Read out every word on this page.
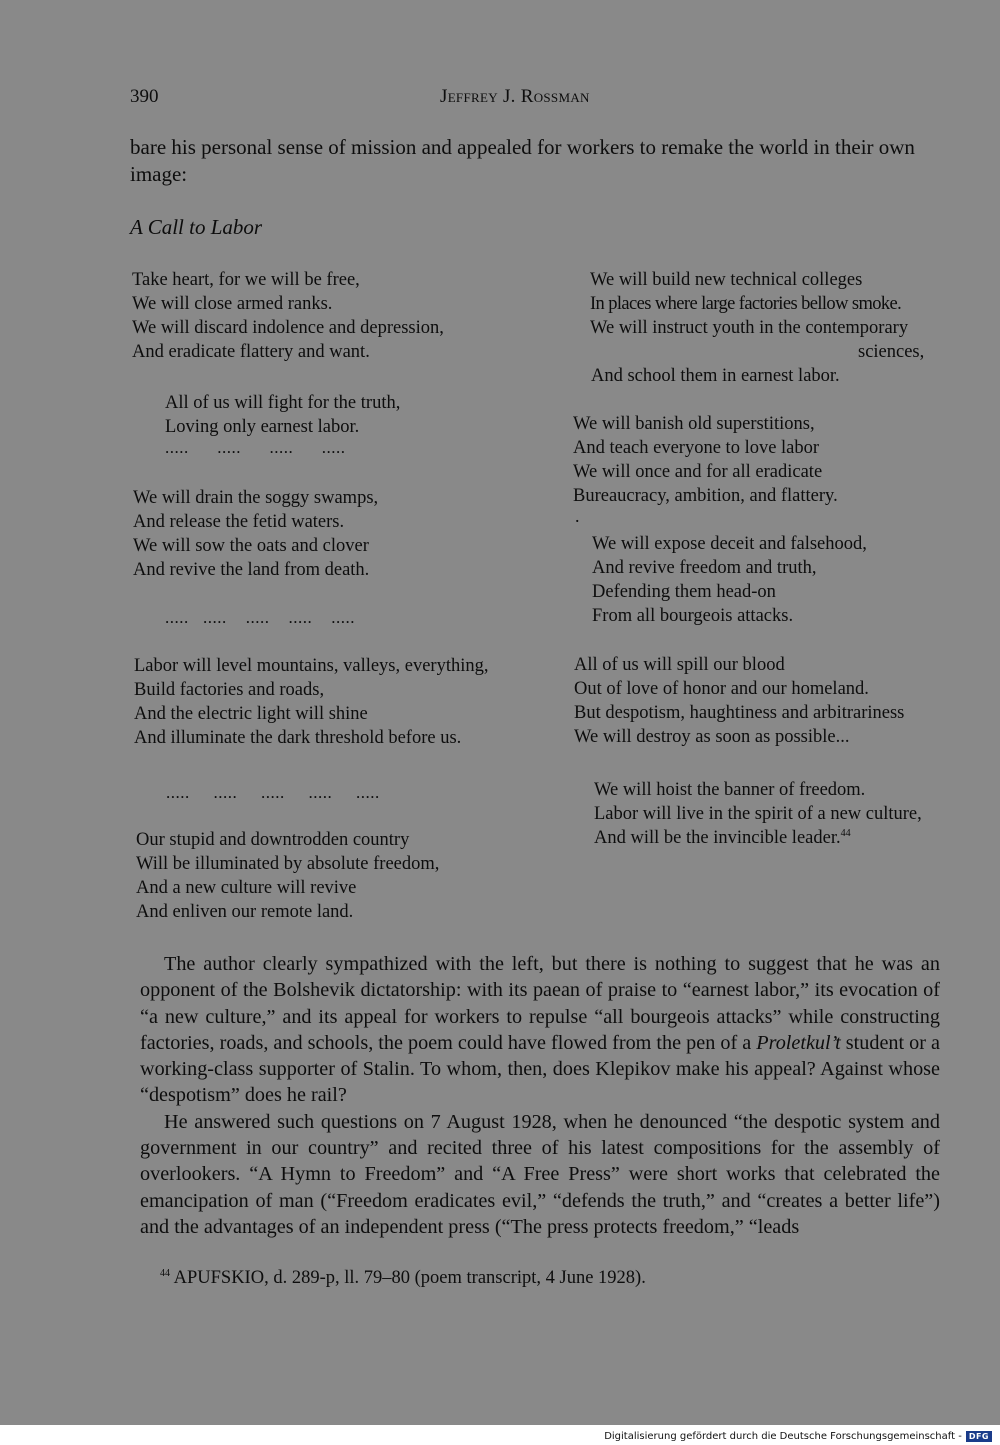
390	Jeffrey J. Rossman
bare his personal sense of mission and appealed for workers to remake the world in their own image:
A Call to Labor
Take heart, for we will be free,
We will close armed ranks.
We will discard indolence and depression,
And eradicate flattery and want.
All of us will fight for the truth,
Loving only earnest labor.
.....      .....      .....      .....
We will drain the soggy swamps,
And release the fetid waters.
We will sow the oats and clover
And revive the land from death.
.....   .....    .....    .....    .....
Labor will level mountains, valleys, everything,
Build factories and roads,
And the electric light will shine
And illuminate the dark threshold before us.
.....     .....     .....     .....     .....
Our stupid and downtrodden country
Will be illuminated by absolute freedom,
And a new culture will revive
And enliven our remote land.
We will build new technical colleges
In places where large factories bellow smoke.
We will instruct youth in the contemporary
sciences,
And school them in earnest labor.
We will banish old superstitions,
And teach everyone to love labor
We will once and for all eradicate
Bureaucracy, ambition, and flattery.
.
We will expose deceit and falsehood,
And revive freedom and truth,
Defending them head-on
From all bourgeois attacks.
All of us will spill our blood
Out of love of honor and our homeland.
But despotism, haughtiness and arbitrariness
We will destroy as soon as possible...
We will hoist the banner of freedom.
Labor will live in the spirit of a new culture,
And will be the invincible leader.$^{44}$

The author clearly sympathized with the left, but there is nothing to suggest that he was an opponent of the Bolshevik dictatorship: with its paean of praise to “earnest labor,” its evocation of “a new culture,” and its appeal for workers to repulse “all bourgeois attacks” while constructing factories, roads, and schools, the poem could have flowed from the pen of a Proletkul’t student or a working-class supporter of Stalin. To whom, then, does Klepikov make his appeal? Against whose “despotism” does he rail?

He answered such questions on 7 August 1928, when he denounced “the despotic system and government in our country” and recited three of his latest compositions for the assembly of overlookers. “A Hymn to Freedom” and “A Free Press” were short works that celebrated the emancipation of man (“Freedom eradicates evil,” “defends the truth,” and “creates a better life”) and the advantages of an independent press (“The press protects freedom,” “leads

$^{44}$ APUFSKIO, d. 289-p, ll. 79–80 (poem transcript, 4 June 1928).
Digitalisierung gefördert durch die Deutsche Forschungsgemeinschaft - DFG
